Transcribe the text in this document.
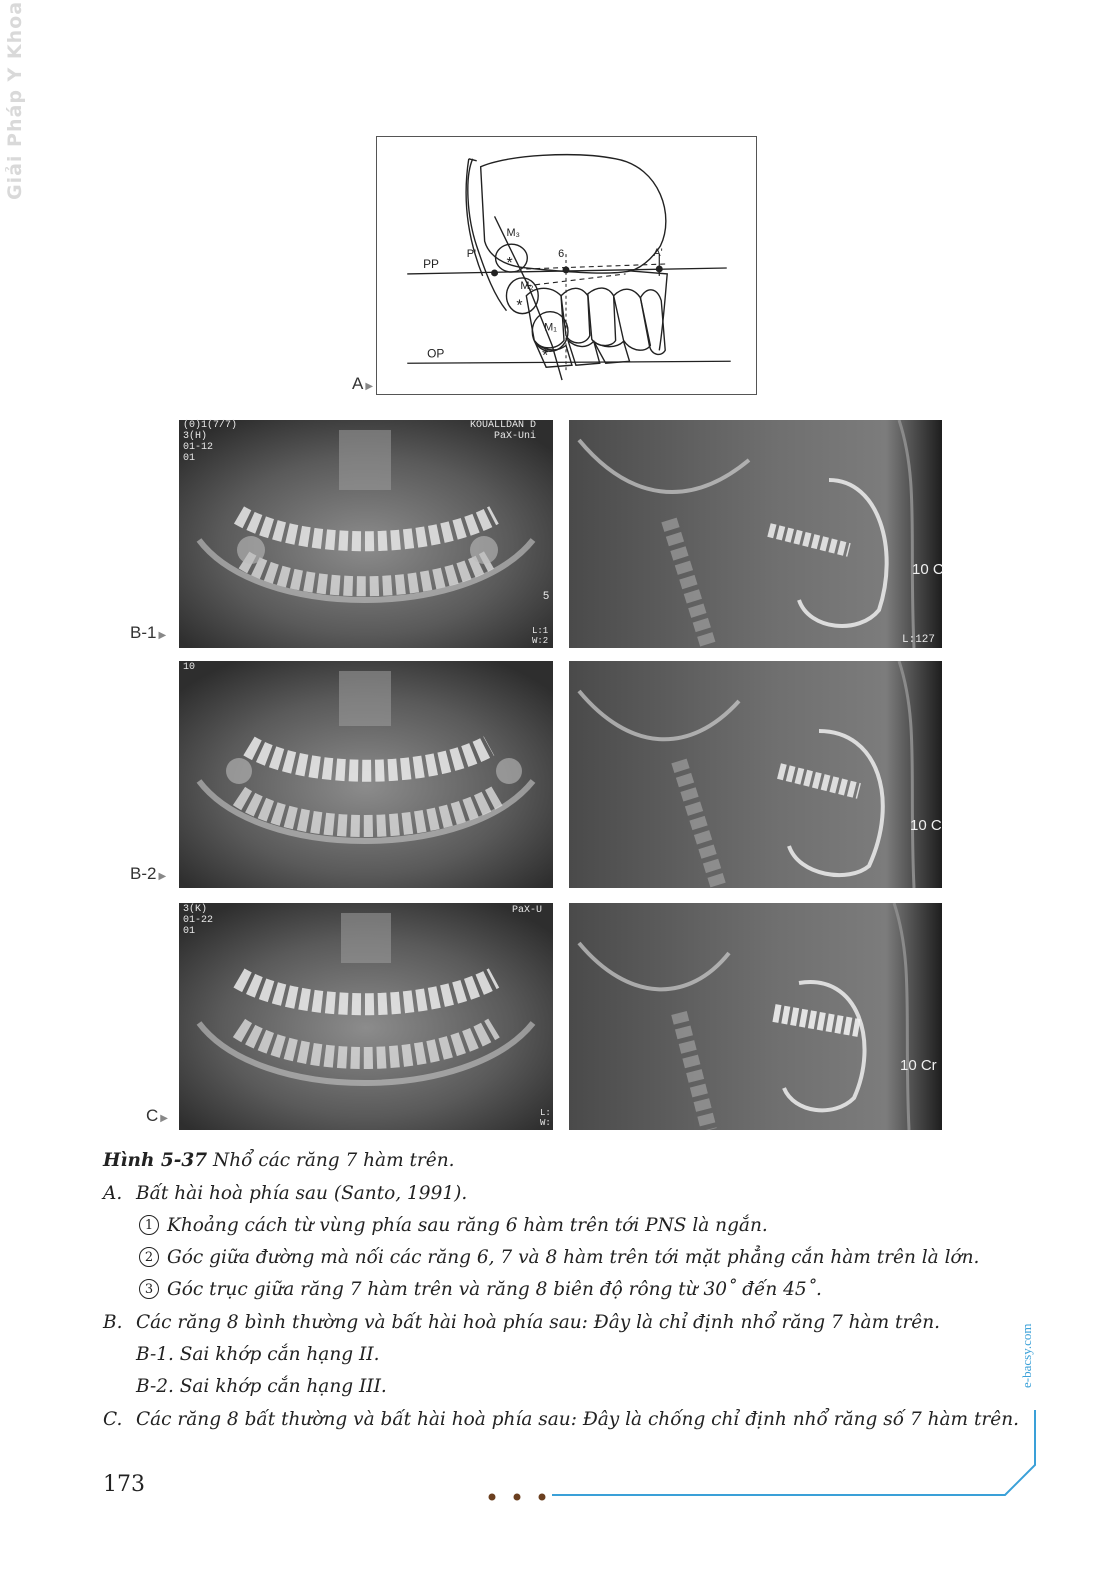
Giải Pháp Y Khoa
PP
OP
P'	A'
6
M₃
M₂
M₁
*
*
*
A ▶
B-1 ▶
(0)1(7/7)
3(H)
01-12
01
KOUALLDAN D
PaX-Uni
5
L:1
W:2
10 C
L:127
B-2 ▶
10
10 C
C ▶
3(K)
01-22
01
PaX-U
L:
W:
10 Cr
Hình 5-37 Nhổ các răng 7 hàm trên.
A. Bất hài hoà phía sau (Santo, 1991).
1 Khoảng cách từ vùng phía sau răng 6 hàm trên tới PNS là ngắn.
2 Góc giữa đường mà nối các răng 6, 7 và 8 hàm trên tới mặt phẳng cắn hàm trên là lớn.
3 Góc trục giữa răng 7 hàm trên và răng 8 biên độ rông từ 30˚ đến 45˚.
B. Các răng 8 bình thường và bất hài hoà phía sau: Đây là chỉ định nhổ răng 7 hàm trên.
B-1. Sai khớp cắn hạng II.
B-2. Sai khớp cắn hạng III.
C. Các răng 8 bất thường và bất hài hoà phía sau: Đây là chống chỉ định nhổ răng số 7 hàm trên.
173
e-bacsy.com
